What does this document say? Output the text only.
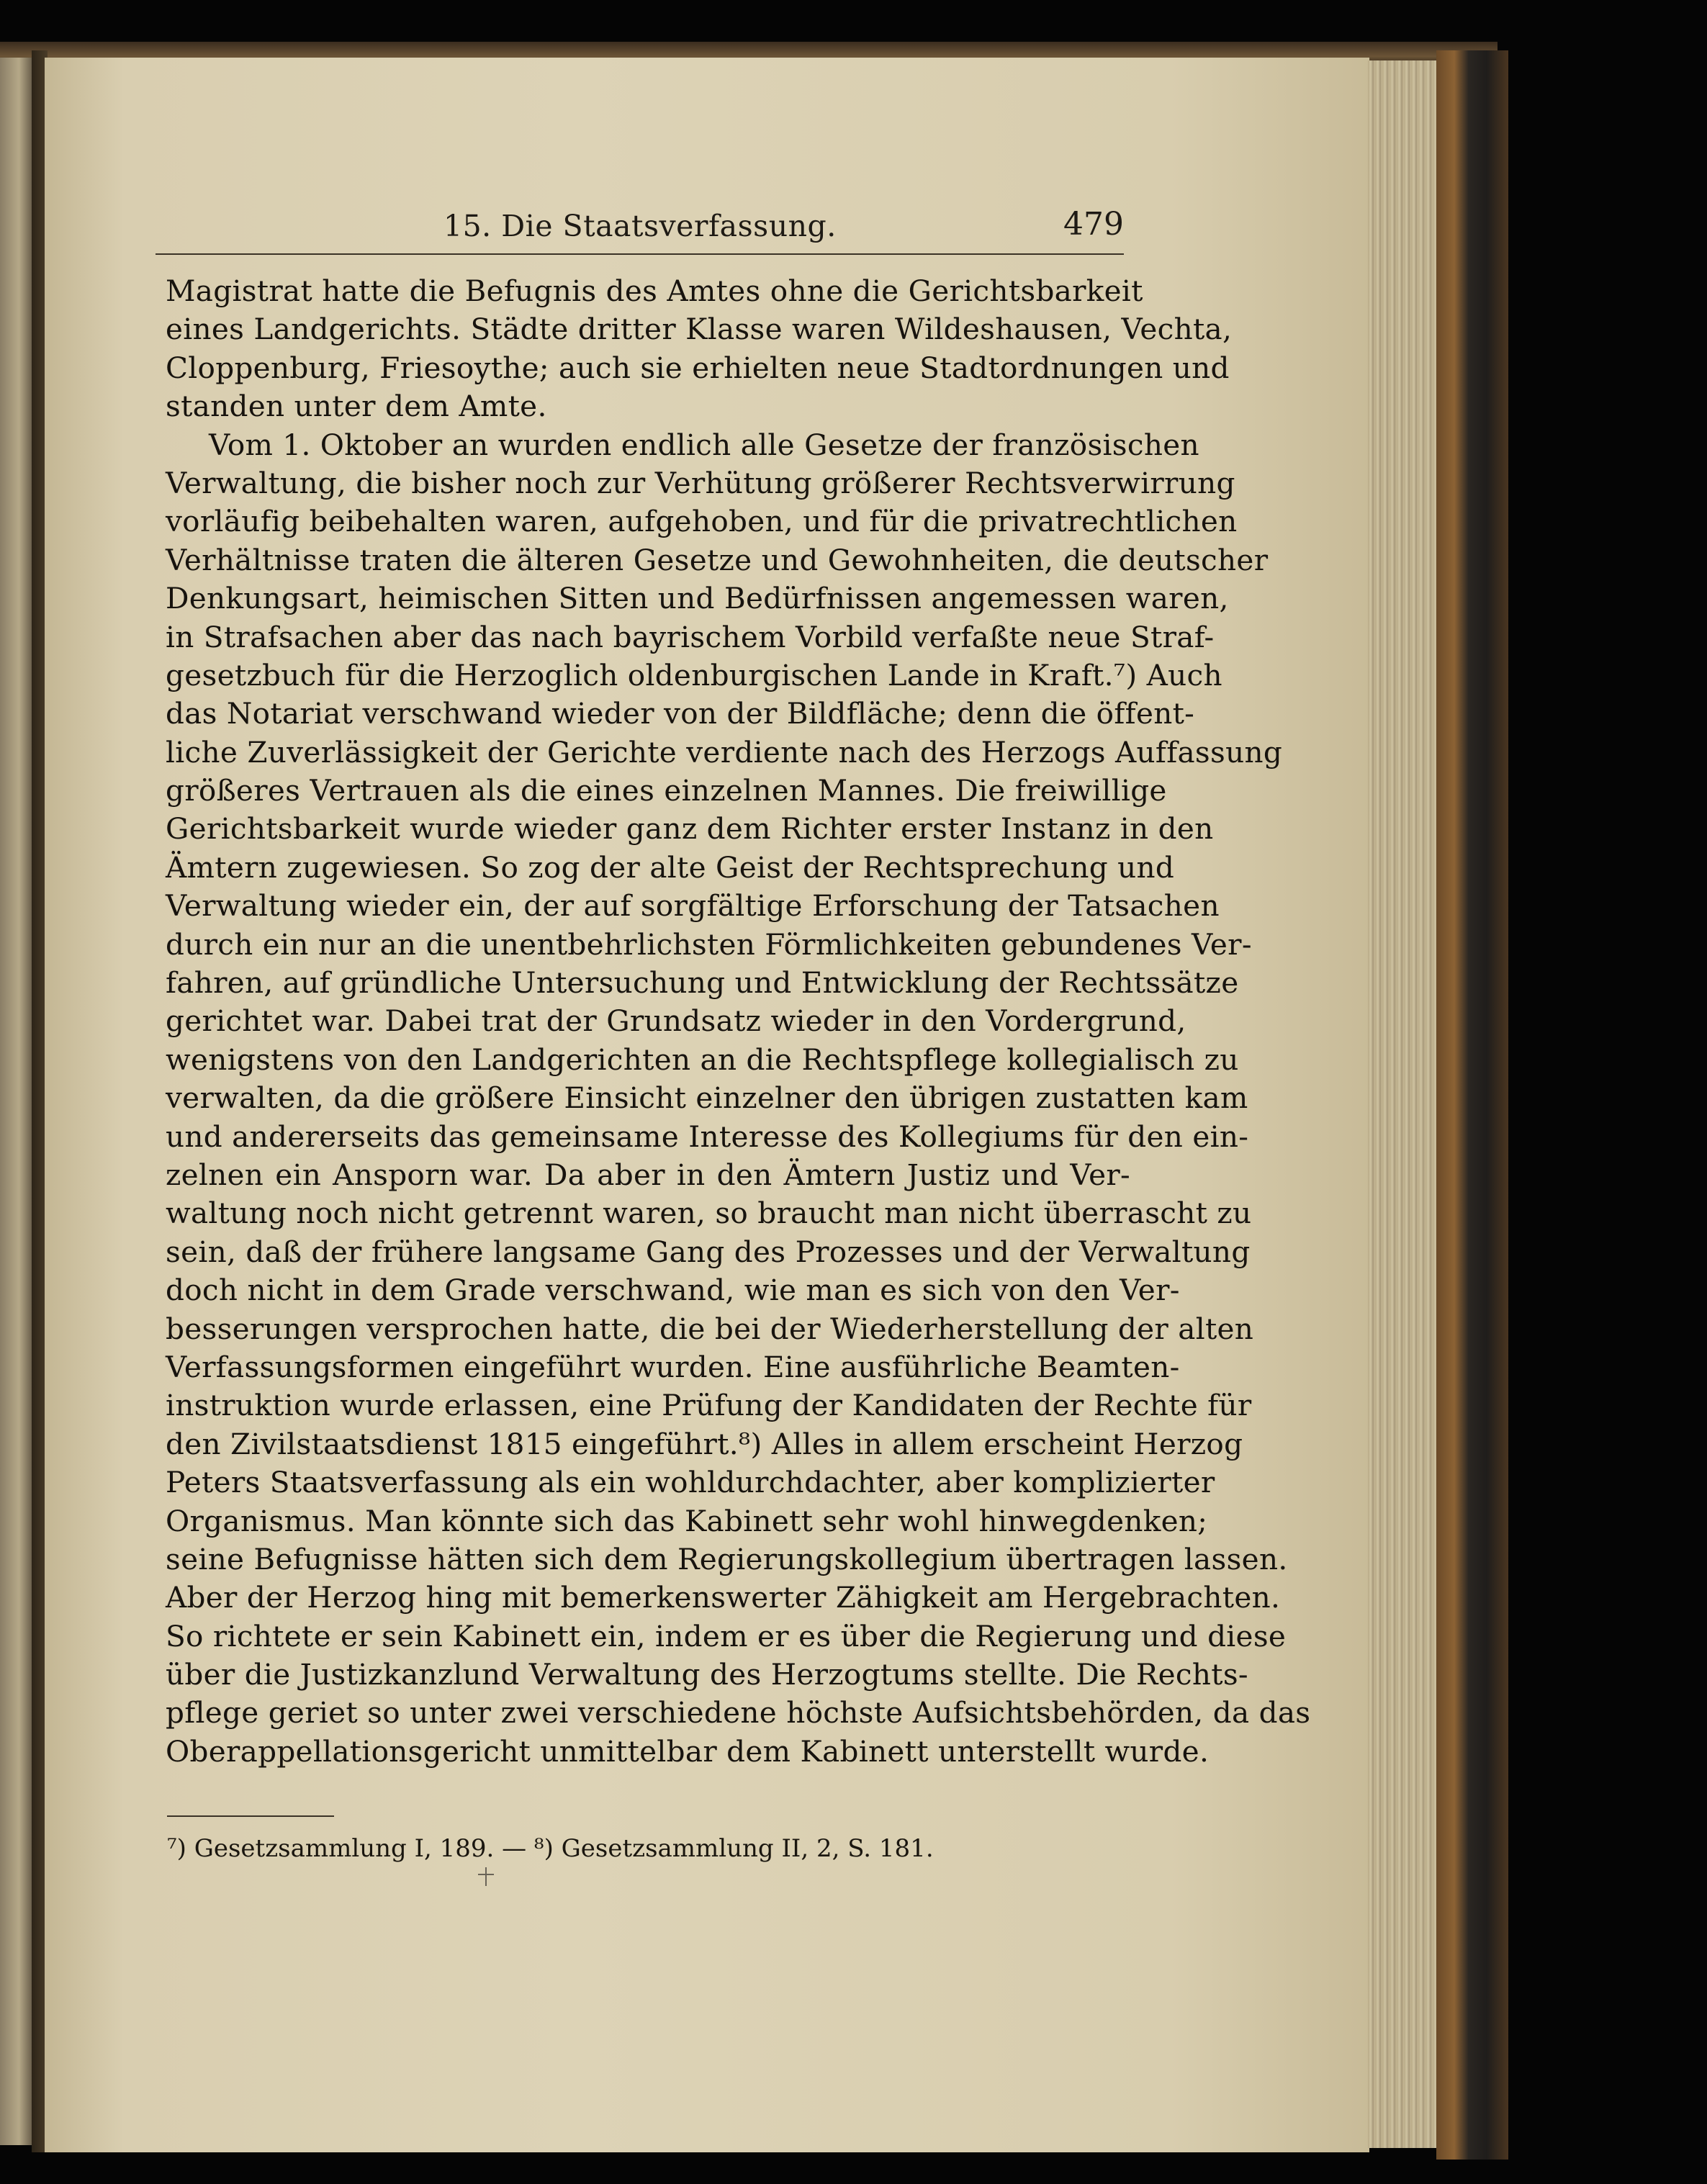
15. Die Staatsverfassung.	479
Magistrat hatte die Befugnis des Amtes ohne die Gerichtsbarkeit
eines Landgerichts. Städte dritter Klasse waren Wildeshausen, Vechta,
Cloppenburg, Friesoythe; auch sie erhielten neue Stadtordnungen und
standen unter dem Amte.
Vom 1. Oktober an wurden endlich alle Gesetze der französischen
Verwaltung, die bisher noch zur Verhütung größerer Rechtsverwirrung
vorläufig beibehalten waren, aufgehoben, und für die privatrechtlichen
Verhältnisse traten die älteren Gesetze und Gewohnheiten, die deutscher
Denkungsart, heimischen Sitten und Bedürfnissen angemessen waren,
in Strafsachen aber das nach bayrischem Vorbild verfaßte neue Straf-
gesetzbuch für die Herzoglich oldenburgischen Lande in Kraft.⁷) Auch
das Notariat verschwand wieder von der Bildfläche; denn die öffent-
liche Zuverlässigkeit der Gerichte verdiente nach des Herzogs Auffassung
größeres Vertrauen als die eines einzelnen Mannes. Die freiwillige
Gerichtsbarkeit wurde wieder ganz dem Richter erster Instanz in den
Ämtern zugewiesen. So zog der alte Geist der Rechtsprechung und
Verwaltung wieder ein, der auf sorgfältige Erforschung der Tatsachen
durch ein nur an die unentbehrlichsten Förmlichkeiten gebundenes Ver-
fahren, auf gründliche Untersuchung und Entwicklung der Rechtssätze
gerichtet war. Dabei trat der Grundsatz wieder in den Vordergrund,
wenigstens von den Landgerichten an die Rechtspflege kollegialisch zu
verwalten, da die größere Einsicht einzelner den übrigen zustatten kam
und andererseits das gemeinsame Interesse des Kollegiums für den ein-
zelnen ein Ansporn war. Da aber in den Ämtern Justiz und Ver-
waltung noch nicht getrennt waren, so braucht man nicht überrascht zu
sein, daß der frühere langsame Gang des Prozesses und der Verwaltung
doch nicht in dem Grade verschwand, wie man es sich von den Ver-
besserungen versprochen hatte, die bei der Wiederherstellung der alten
Verfassungsformen eingeführt wurden. Eine ausführliche Beamten-
instruktion wurde erlassen, eine Prüfung der Kandidaten der Rechte für
den Zivilstaatsdienst 1815 eingeführt.⁸) Alles in allem erscheint Herzog
Peters Staatsverfassung als ein wohldurchdachter, aber komplizierter
Organismus. Man könnte sich das Kabinett sehr wohl hinwegdenken;
seine Befugnisse hätten sich dem Regierungskollegium übertragen lassen.
Aber der Herzog hing mit bemerkenswerter Zähigkeit am Hergebrachten.
So richtete er sein Kabinett ein, indem er es über die Regierung und diese
über die Justizkanzlund Verwaltung des Herzogtums stellte. Die Rechts-
pflege geriet so unter zwei verschiedene höchste Aufsichtsbehörden, da das
Oberappellationsgericht unmittelbar dem Kabinett unterstellt wurde.
⁷) Gesetzsammlung I, 189. — ⁸) Gesetzsammlung II, 2, S. 181.
